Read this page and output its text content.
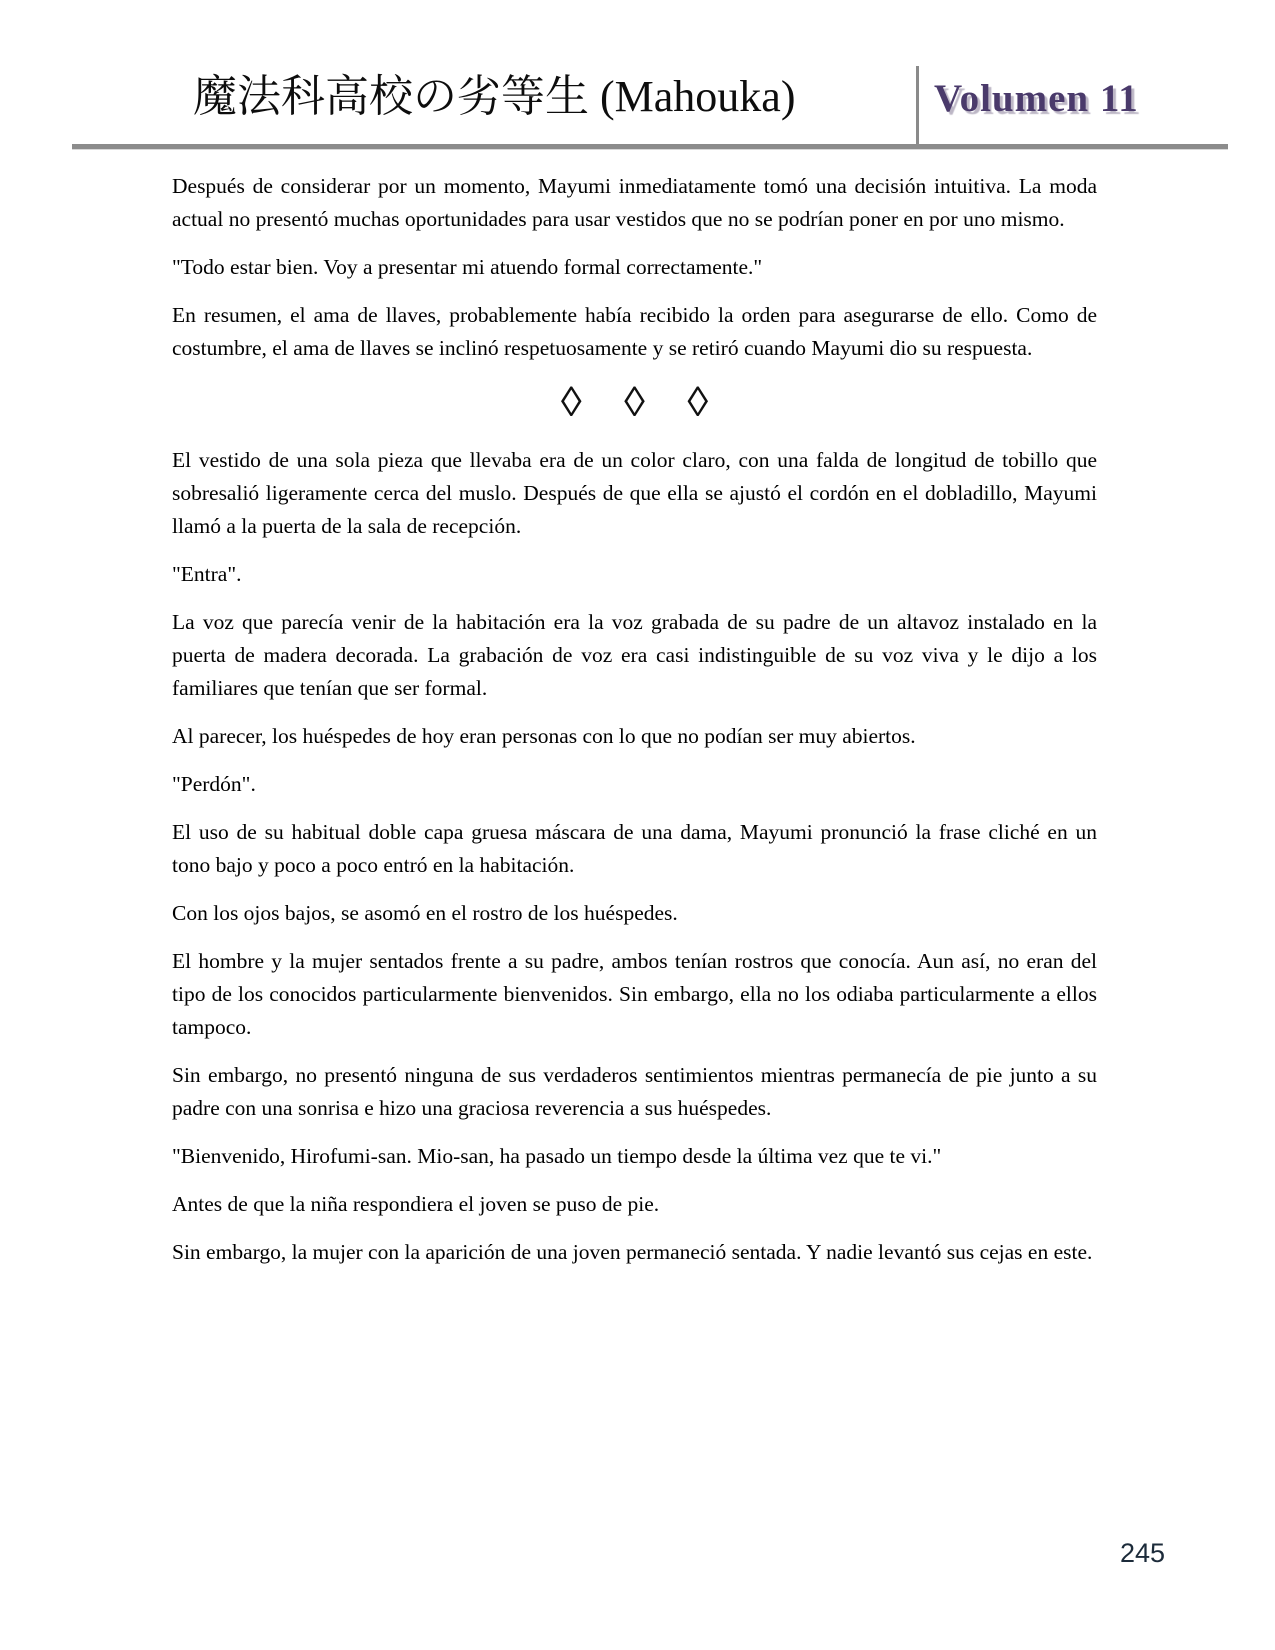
魔法科高校の劣等生 (Mahouka)	Volumen 11

Después de considerar por un momento, Mayumi inmediatamente tomó una decisión intuitiva. La moda actual no presentó muchas oportunidades para usar vestidos que no se podrían poner en por uno mismo.

"Todo estar bien. Voy a presentar mi atuendo formal correctamente."

En resumen, el ama de llaves, probablemente había recibido la orden para asegurarse de ello. Como de costumbre, el ama de llaves se inclinó respetuosamente y se retiró cuando Mayumi dio su respuesta.

◊ ◊ ◊

El vestido de una sola pieza que llevaba era de un color claro, con una falda de longitud de tobillo que sobresalió ligeramente cerca del muslo. Después de que ella se ajustó el cordón en el dobladillo, Mayumi llamó a la puerta de la sala de recepción.

"Entra".

La voz que parecía venir de la habitación era la voz grabada de su padre de un altavoz instalado en la puerta de madera decorada. La grabación de voz era casi indistinguible de su voz viva y le dijo a los familiares que tenían que ser formal.

Al parecer, los huéspedes de hoy eran personas con lo que no podían ser muy abiertos.

"Perdón".

El uso de su habitual doble capa gruesa máscara de una dama, Mayumi pronunció la frase cliché en un tono bajo y poco a poco entró en la habitación.

Con los ojos bajos, se asomó en el rostro de los huéspedes.

El hombre y la mujer sentados frente a su padre, ambos tenían rostros que conocía. Aun así, no eran del tipo de los conocidos particularmente bienvenidos. Sin embargo, ella no los odiaba particularmente a ellos tampoco.

Sin embargo, no presentó ninguna de sus verdaderos sentimientos mientras permanecía de pie junto a su padre con una sonrisa e hizo una graciosa reverencia a sus huéspedes.

"Bienvenido, Hirofumi-san. Mio-san, ha pasado un tiempo desde la última vez que te vi."

Antes de que la niña respondiera el joven se puso de pie.

Sin embargo, la mujer con la aparición de una joven permaneció sentada. Y nadie levantó sus cejas en este.

245
